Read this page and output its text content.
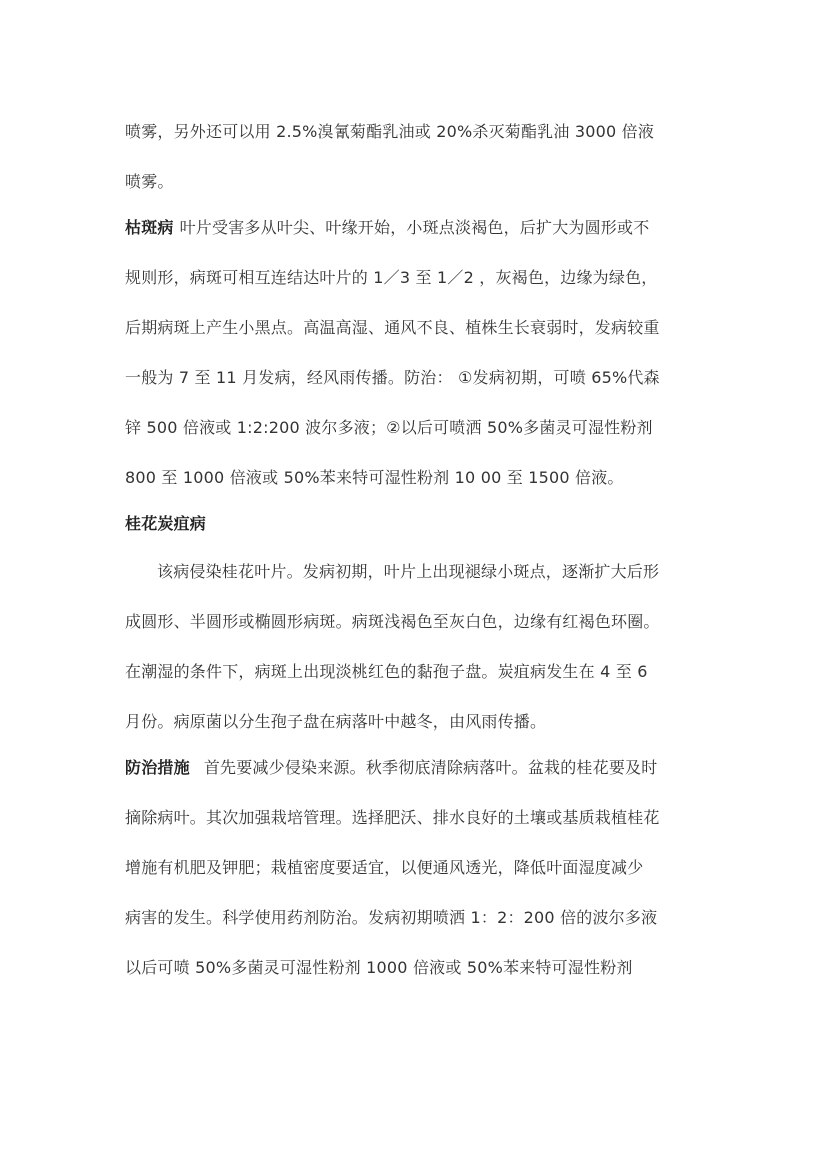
喷雾，另外还可以用 2.5%溴氰菊酯乳油或 20%杀灭菊酯乳油 3000 倍液
喷雾。
枯斑病 叶片受害多从叶尖、叶缘开始，小斑点淡褐色，后扩大为圆形或不
规则形，病斑可相互连结达叶片的 1／3 至 1／2 ，灰褐色，边缘为绿色，
后期病斑上产生小黑点。高温高湿、通风不良、植株生长衰弱时，发病较重
一般为 7 至 11 月发病，经风雨传播。防治： ①发病初期，可喷 65%代森
锌 500 倍液或 1:2:200 波尔多液；②以后可喷洒 50%多菌灵可湿性粉剂
800 至 1000 倍液或 50%苯来特可湿性粉剂 10 00 至 1500 倍液。
桂花炭疽病
该病侵染桂花叶片。发病初期，叶片上出现褪绿小斑点，逐渐扩大后形
成圆形、半圆形或椭圆形病斑。病斑浅褐色至灰白色，边缘有红褐色环圈。
在潮湿的条件下，病斑上出现淡桃红色的黏孢子盘。炭疽病发生在 4 至 6
月份。病原菌以分生孢子盘在病落叶中越冬，由风雨传播。
防治措施 首先要减少侵染来源。秋季彻底清除病落叶。盆栽的桂花要及时
摘除病叶。其次加强栽培管理。选择肥沃、排水良好的土壤或基质栽植桂花
增施有机肥及钾肥；栽植密度要适宜，以便通风透光，降低叶面湿度减少
病害的发生。科学使用药剂防治。发病初期喷洒 1：2：200 倍的波尔多液
以后可喷 50%多菌灵可湿性粉剂 1000 倍液或 50%苯来特可湿性粉剂
